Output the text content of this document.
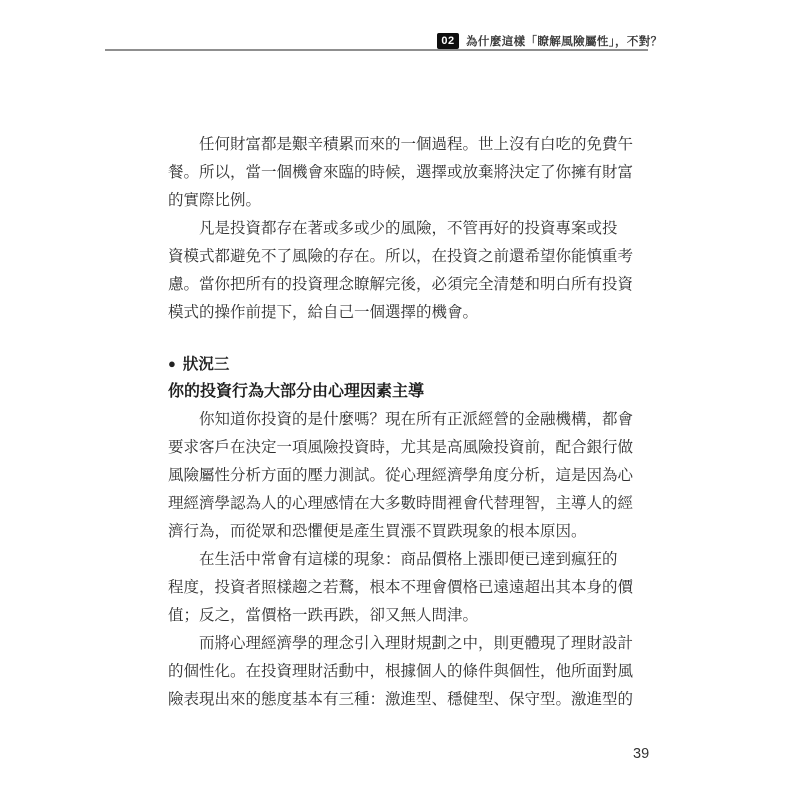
02 為什麼這樣「瞭解風險屬性」，不對？
任何財富都是艱辛積累而來的一個過程。世上沒有白吃的免費午
餐。所以，當一個機會來臨的時候，選擇或放棄將決定了你擁有財富
的實際比例。
凡是投資都存在著或多或少的風險，不管再好的投資專案或投
資模式都避免不了風險的存在。所以，在投資之前還希望你能慎重考
慮。當你把所有的投資理念瞭解完後，必須完全清楚和明白所有投資
模式的操作前提下，給自己一個選擇的機會。
● 狀況三
你的投資行為大部分由心理因素主導
你知道你投資的是什麼嗎？現在所有正派經營的金融機構，都會
要求客戶在決定一項風險投資時，尤其是高風險投資前，配合銀行做
風險屬性分析方面的壓力測試。從心理經濟學角度分析，這是因為心
理經濟學認為人的心理感情在大多數時間裡會代替理智，主導人的經
濟行為，而從眾和恐懼便是產生買漲不買跌現象的根本原因。
在生活中常會有這樣的現象：商品價格上漲即便已達到瘋狂的
程度，投資者照樣趨之若鶩，根本不理會價格已遠遠超出其本身的價
值；反之，當價格一跌再跌，卻又無人問津。
而將心理經濟學的理念引入理財規劃之中，則更體現了理財設計
的個性化。在投資理財活動中，根據個人的條件與個性，他所面對風
險表現出來的態度基本有三種：激進型、穩健型、保守型。激進型的
39
